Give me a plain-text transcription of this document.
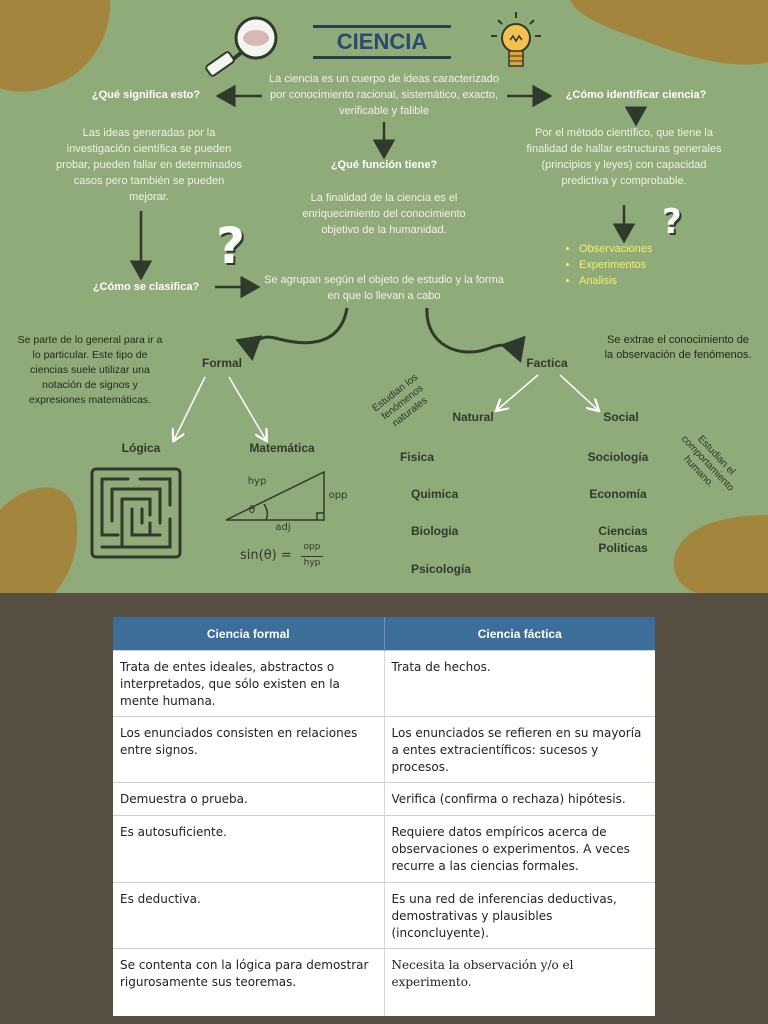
CIENCIA

La ciencia es un cuerpo de ideas caracterizado por conocimiento racional, sistemático, exacto, verificable y falible

¿Qué significa esto?

Las ideas generadas por la investigación científica se pueden probar, pueden fallar en determinados casos pero también se pueden mejorar.

¿Qué función tiene?

La finalidad de la ciencia es el enriquecimiento del conocimiento objetivo de la humanidad.

¿Cómo identificar ciencia?

Por el método científico, que tiene la finalidad de hallar estructuras generales (principios y leyes) con capacidad predictiva y comprobable.

• Observaciones
• Experimentos
• Analisis
?	?

¿Cómo se clasifica?

Se agrupan según el objeto de estudio y la forma en que lo llevan a cabo

Se parte de lo general para ir a lo particular. Este tipo de ciencias suele utilizar una notación de signos y expresiones matemáticas.

Se extrae el conocimiento de la observación de fenómenos.

Formal	Factica

Lógica	Matemática

Natural	Social

Estudian los fenómenos naturales
Estudian el comportamiento humano.

Fisica

Quimica

Biologia

Psicología

Sociología

Economía

Ciencias Politicas

hyp

opp

adj

θ

sin(θ) =

opp

hyp

Ciencia formal	Ciencia fáctica
Trata de entes ideales, abstractos o interpretados, que sólo existen en la mente humana.	Trata de hechos.
Los enunciados consisten en relaciones entre signos.	Los enunciados se refieren en su mayoría a entes extracientíficos: sucesos y procesos.
Demuestra o prueba.	Verifica (confirma o rechaza) hipótesis.
Es autosuficiente.	Requiere datos empíricos acerca de observaciones o experimentos. A veces recurre a las ciencias formales.
Es deductiva.	Es una red de inferencias deductivas, demostrativas y plausibles (inconcluyente).
Se contenta con la lógica para demostrar rigurosamente sus teoremas.	Necesita la observación y/o el experimento.
